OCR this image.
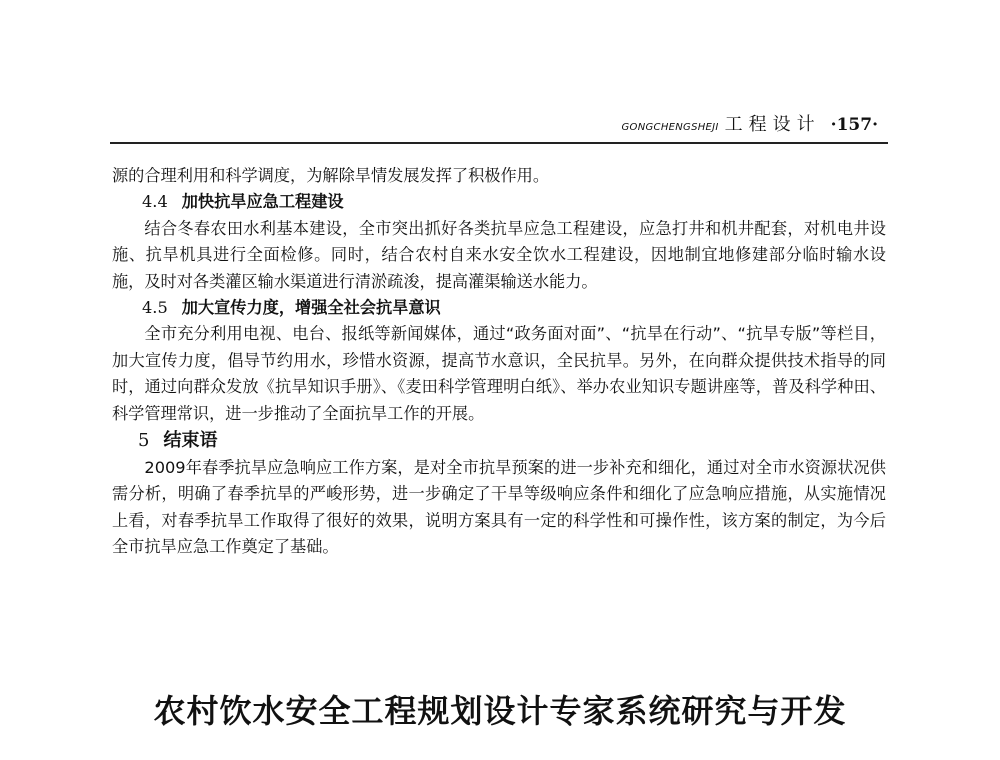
GONGCHENGSHEJI 工程设计 ·157·

源的合理利用和科学调度，为解除旱情发展发挥了积极作用。

4.4 加快抗旱应急工程建设

结合冬春农田水利基本建设，全市突出抓好各类抗旱应急工程建设，应急打井和机井配套，对机电井设施、抗旱机具进行全面检修。同时，结合农村自来水安全饮水工程建设，因地制宜地修建部分临时输水设施，及时对各类灌区输水渠道进行清淤疏浚，提高灌渠输送水能力。

4.5 加大宣传力度，增强全社会抗旱意识

全市充分利用电视、电台、报纸等新闻媒体，通过“政务面对面”、“抗旱在行动”、“抗旱专版”等栏目，加大宣传力度，倡导节约用水，珍惜水资源，提高节水意识，全民抗旱。另外，在向群众提供技术指导的同时，通过向群众发放《抗旱知识手册》、《麦田科学管理明白纸》、举办农业知识专题讲座等，普及科学种田、科学管理常识，进一步推动了全面抗旱工作的开展。

5 结束语

2009年春季抗旱应急响应工作方案，是对全市抗旱预案的进一步补充和细化，通过对全市水资源状况供需分析，明确了春季抗旱的严峻形势，进一步确定了干旱等级响应条件和细化了应急响应措施，从实施情况上看，对春季抗旱工作取得了很好的效果，说明方案具有一定的科学性和可操作性，该方案的制定，为今后全市抗旱应急工作奠定了基础。

农村饮水安全工程规划设计专家系统研究与开发
